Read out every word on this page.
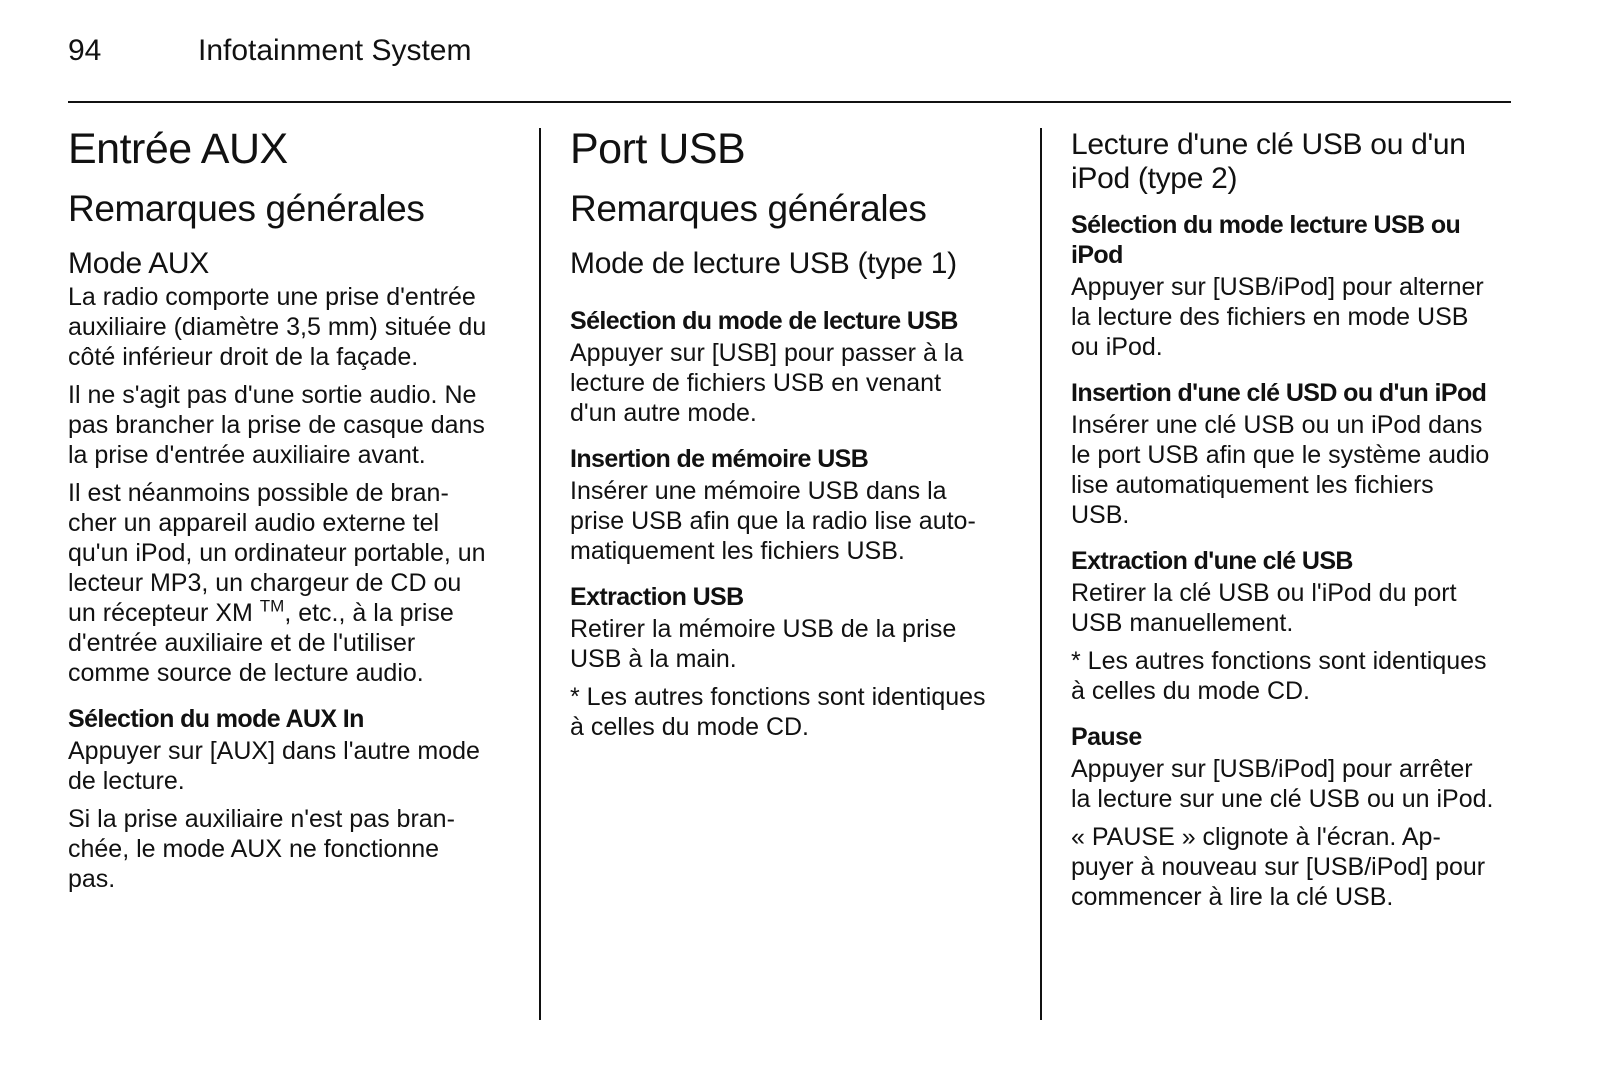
94	Infotainment System
Entrée AUX
Remarques générales
Mode AUX

La radio comporte une prise d'entrée
auxiliaire (diamètre 3,5 mm) située du
côté inférieur droit de la façade.

Il ne s'agit pas d'une sortie audio. Ne
pas brancher la prise de casque dans
la prise d'entrée auxiliaire avant.

Il est néanmoins possible de bran-
cher un appareil audio externe tel
qu'un iPod, un ordinateur portable, un
lecteur MP3, un chargeur de CD ou
un récepteur XM ™, etc., à la prise
d'entrée auxiliaire et de l'utiliser
comme source de lecture audio.

Sélection du mode AUX In

Appuyer sur [AUX] dans l'autre mode
de lecture.

Si la prise auxiliaire n'est pas bran-
chée, le mode AUX ne fonctionne
pas.

Port USB
Remarques générales
Mode de lecture USB (type 1)
Sélection du mode de lecture USB

Appuyer sur [USB] pour passer à la
lecture de fichiers USB en venant
d'un autre mode.

Insertion de mémoire USB

Insérer une mémoire USB dans la
prise USB afin que la radio lise auto-
matiquement les fichiers USB.

Extraction USB

Retirer la mémoire USB de la prise
USB à la main.

* Les autres fonctions sont identiques
à celles du mode CD.

Lecture d'une clé USB ou d'un
iPod (type 2)
Sélection du mode lecture USB ou
iPod

Appuyer sur [USB/iPod] pour alterner
la lecture des fichiers en mode USB
ou iPod.

Insertion d'une clé USD ou d'un iPod

Insérer une clé USB ou un iPod dans
le port USB afin que le système audio
lise automatiquement les fichiers
USB.

Extraction d'une clé USB

Retirer la clé USB ou l'iPod du port
USB manuellement.

* Les autres fonctions sont identiques
à celles du mode CD.

Pause

Appuyer sur [USB/iPod] pour arrêter
la lecture sur une clé USB ou un iPod.

« PAUSE » clignote à l'écran. Ap-
puyer à nouveau sur [USB/iPod] pour
commencer à lire la clé USB.
